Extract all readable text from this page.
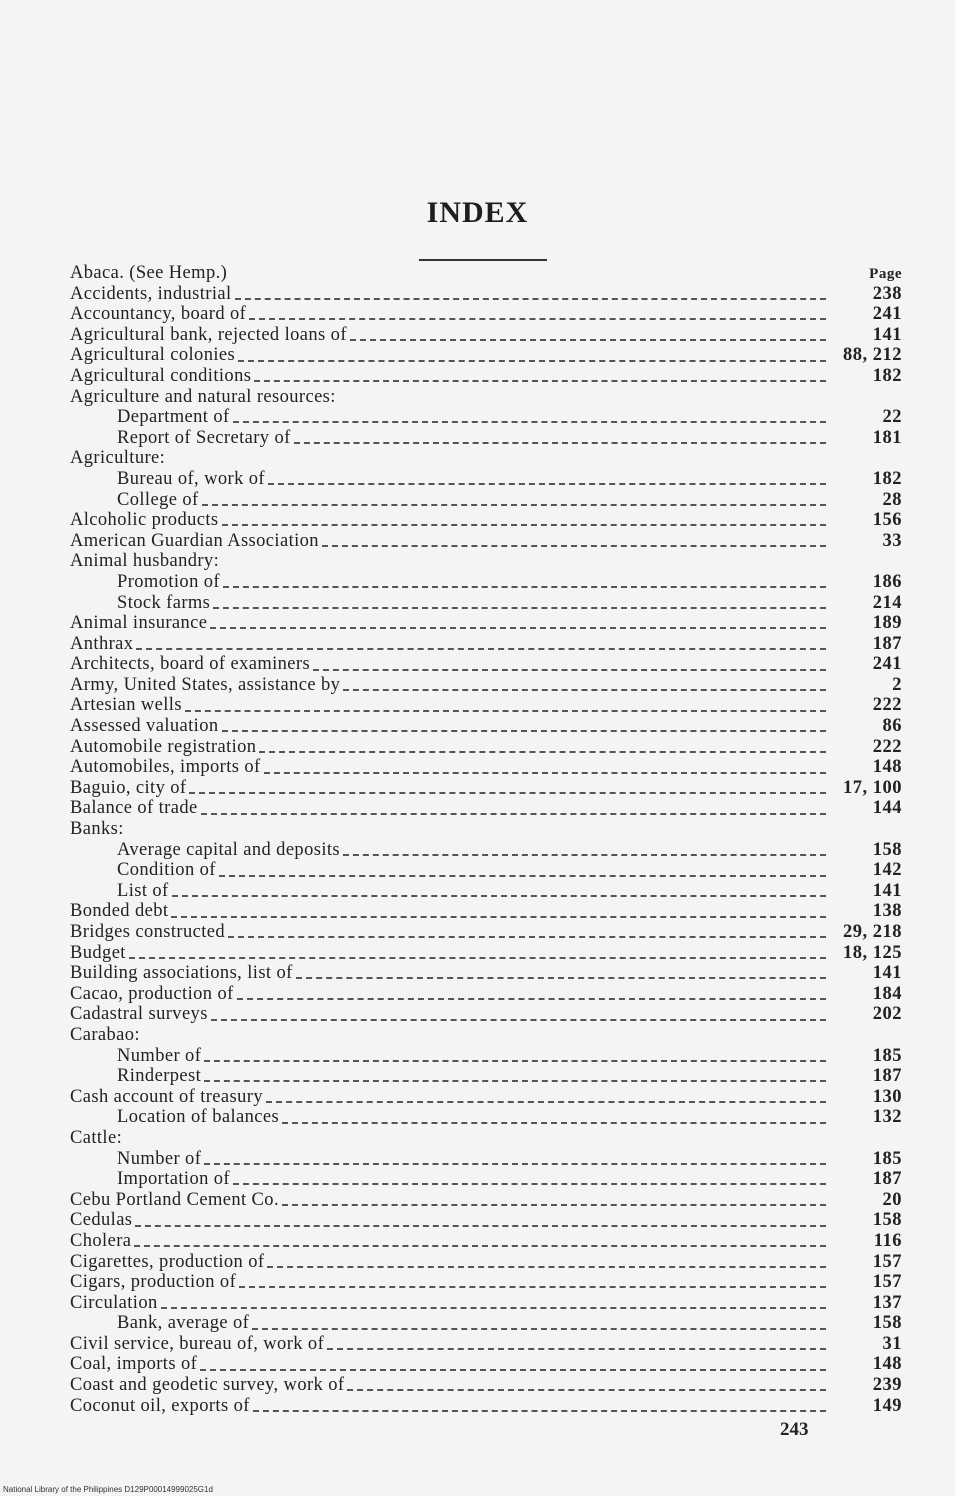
INDEX
Abaca. (See Hemp.)	Page
Accidents, industrial	238
Accountancy, board of	241
Agricultural bank, rejected loans of	141
Agricultural colonies	88, 212
Agricultural conditions	182
Agriculture and natural resources:
Department of	22
Report of Secretary of	181
Agriculture:
Bureau of, work of	182
College of	28
Alcoholic products	156
American Guardian Association	33
Animal husbandry:
Promotion of	186
Stock farms	214
Animal insurance	189
Anthrax	187
Architects, board of examiners	241
Army, United States, assistance by	2
Artesian wells	222
Assessed valuation	86
Automobile registration	222
Automobiles, imports of	148
Baguio, city of	17, 100
Balance of trade	144
Banks:
Average capital and deposits	158
Condition of	142
List of	141
Bonded debt	138
Bridges constructed	29, 218
Budget	18, 125
Building associations, list of	141
Cacao, production of	184
Cadastral surveys	202
Carabao:
Number of	185
Rinderpest	187
Cash account of treasury	130
Location of balances	132
Cattle:
Number of	185
Importation of	187
Cebu Portland Cement Co.	20
Cedulas	158
Cholera	116
Cigarettes, production of	157
Cigars, production of	157
Circulation	137
Bank, average of	158
Civil service, bureau of, work of	31
Coal, imports of	148
Coast and geodetic survey, work of	239
Coconut oil, exports of	149
243
National Library of the Philippines D129P00014999025G1d
